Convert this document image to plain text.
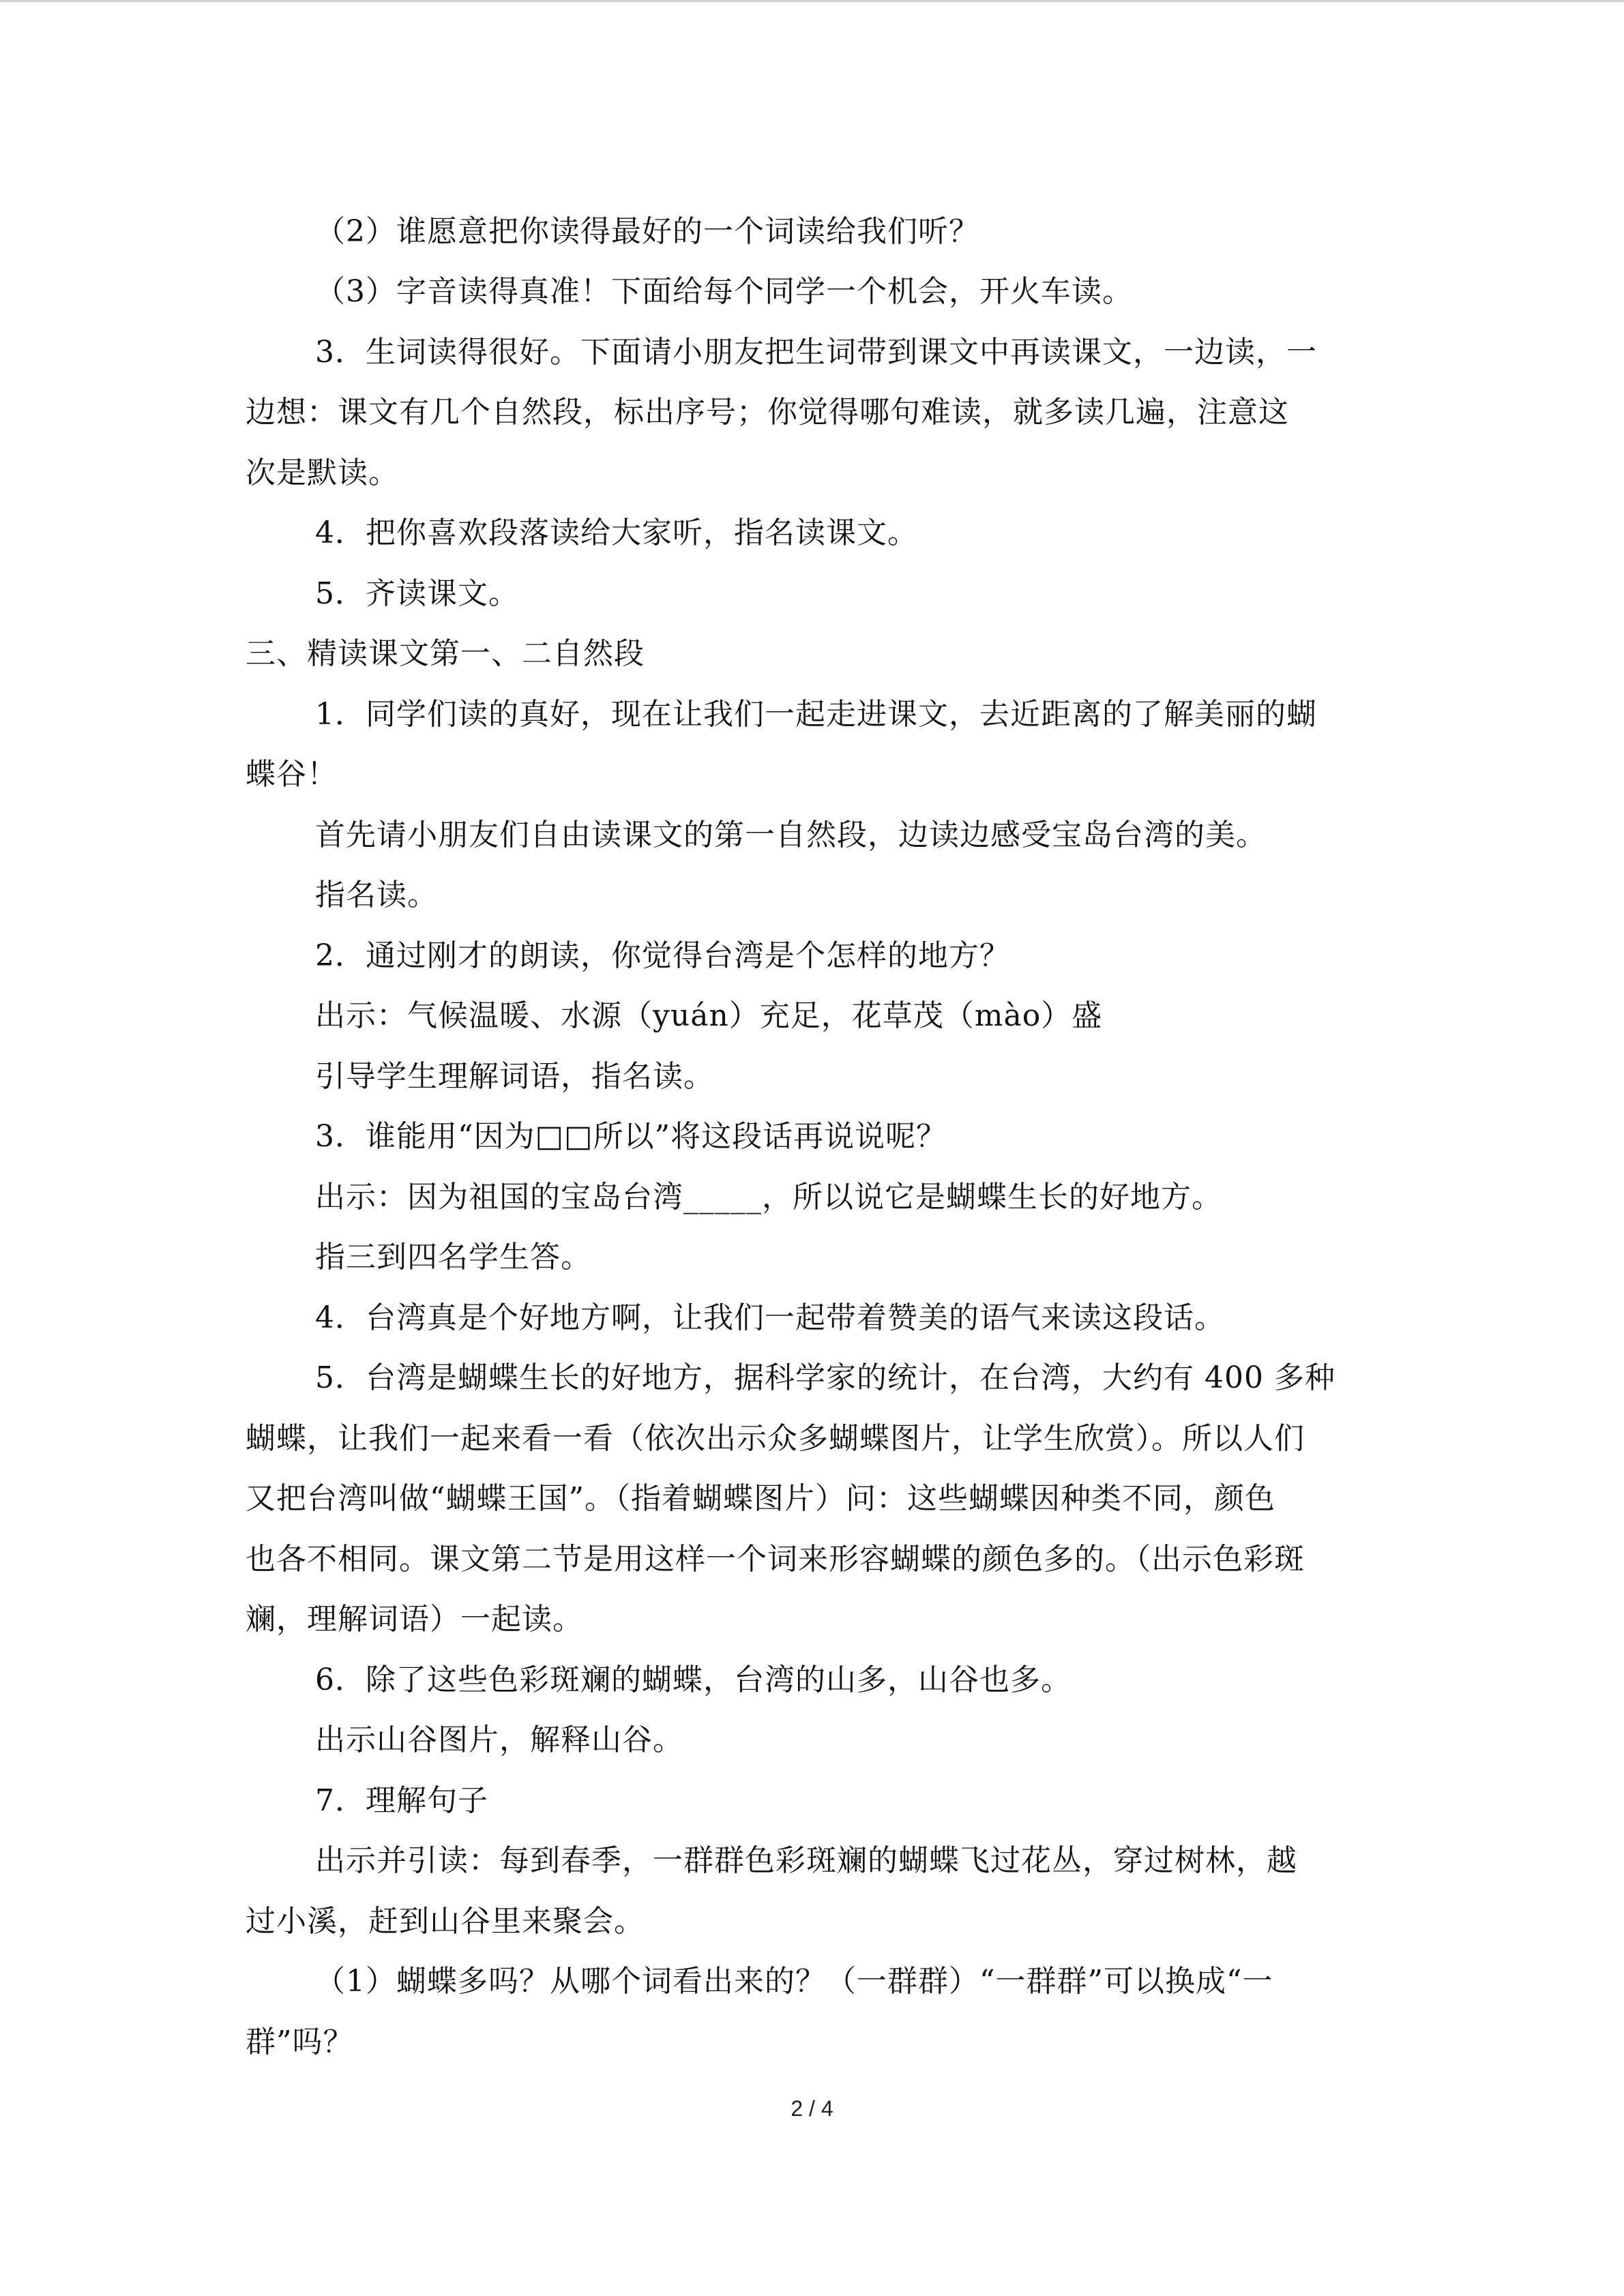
（2）谁愿意把你读得最好的一个词读给我们听？

（3）字音读得真准！下面给每个同学一个机会，开火车读。

3．生词读得很好。下面请小朋友把生词带到课文中再读课文，一边读，一

边想：课文有几个自然段，标出序号；你觉得哪句难读，就多读几遍，注意这

次是默读。

4．把你喜欢段落读给大家听，指名读课文。

5．齐读课文。

三、精读课文第一、二自然段

1．同学们读的真好，现在让我们一起走进课文，去近距离的了解美丽的蝴

蝶谷！

首先请小朋友们自由读课文的第一自然段，边读边感受宝岛台湾的美。

指名读。

2．通过刚才的朗读，你觉得台湾是个怎样的地方？

出示：气候温暖、水源（yuán）充足，花草茂（mào）盛

引导学生理解词语，指名读。

3．谁能用“因为□□所以”将这段话再说说呢？

出示：因为祖国的宝岛台湾_____，所以说它是蝴蝶生长的好地方。

指三到四名学生答。

4．台湾真是个好地方啊，让我们一起带着赞美的语气来读这段话。

5．台湾是蝴蝶生长的好地方，据科学家的统计，在台湾，大约有 400 多种

蝴蝶，让我们一起来看一看（依次出示众多蝴蝶图片，让学生欣赏）。所以人们

又把台湾叫做“蝴蝶王国”。（指着蝴蝶图片）问：这些蝴蝶因种类不同，颜色

也各不相同。课文第二节是用这样一个词来形容蝴蝶的颜色多的。（出示色彩斑

斓，理解词语）一起读。

6．除了这些色彩斑斓的蝴蝶，台湾的山多，山谷也多。

出示山谷图片，解释山谷。

7．理解句子

出示并引读：每到春季，一群群色彩斑斓的蝴蝶飞过花丛，穿过树林，越

过小溪，赶到山谷里来聚会。

（1）蝴蝶多吗？从哪个词看出来的？（一群群）“一群群”可以换成“一

群”吗？

2 / 4
